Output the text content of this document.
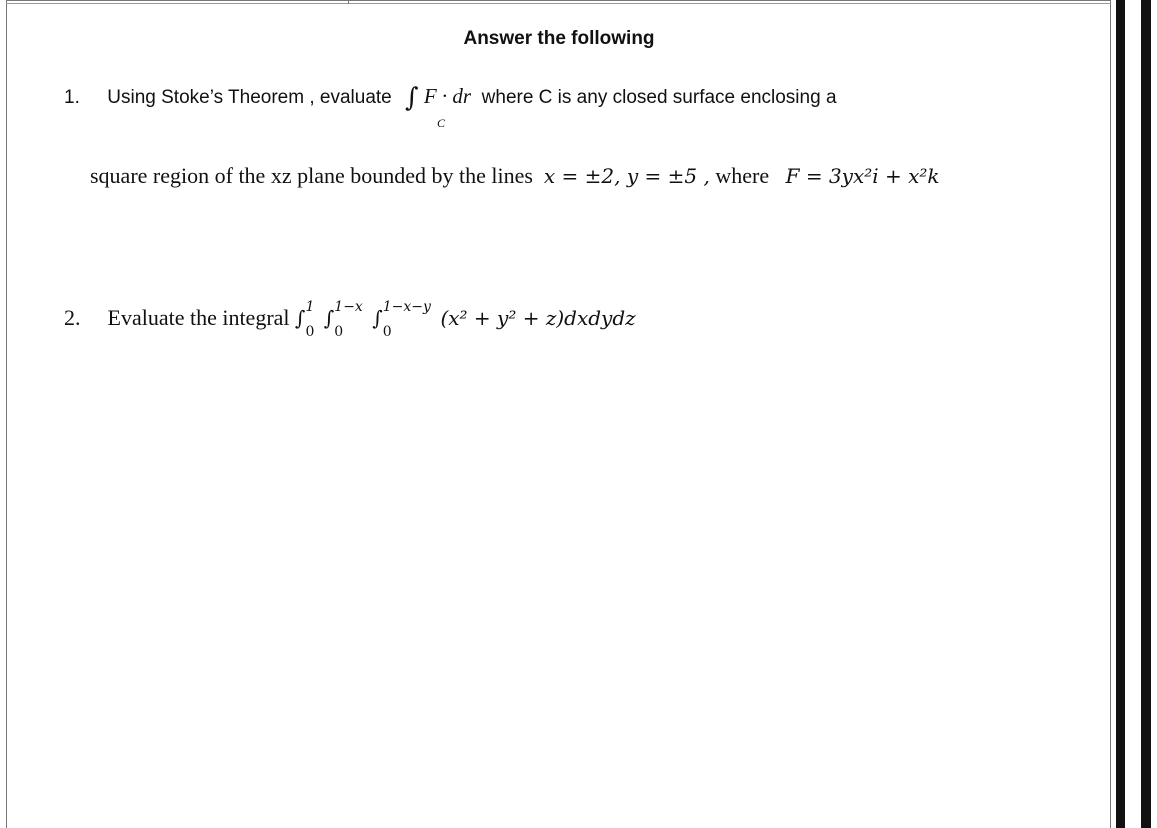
Answer the following
1. Using Stoke’s Theorem , evaluate ∫ F · dr where C is any closed surface enclosing a
C
square region of the xz plane bounded by the lines x = ±2, y = ±5 , where F = 3yx²i + x²k
2. Evaluate the integral ∫ 1
0
∫ 1−x
0
∫ 1−x−y
0
(x² + y² + z)dxdydz
